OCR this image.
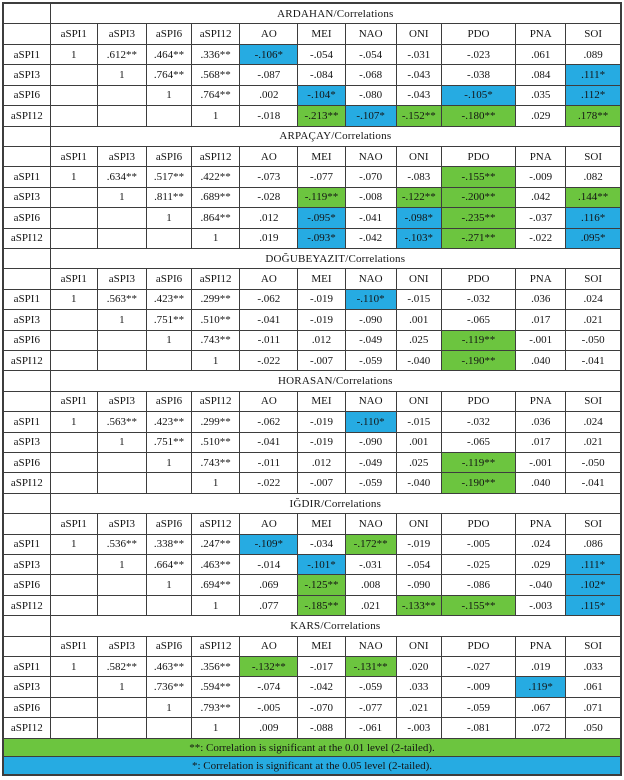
	ARDAHAN/Correlations										
	aSPI1	aSPI3	aSPI6	aSPI12	AO	MEI	NAO	ONI	PDO	PNA	SOI
aSPI1	1	.612**	.464**	.336**	-.106*	-.054	-.054	-.031	-.023	.061	.089
aSPI3		1	.764**	.568**	-.087	-.084	-.068	-.043	-.038	.084	.111*
aSPI6			1	.764**	.002	-.104*	-.080	-.043	-.105*	.035	.112*
aSPI12				1	-.018	-.213**	-.107*	-.152**	-.180**	.029	.178**
	ARPAÇAY/Correlations										
	aSPI1	aSPI3	aSPI6	aSPI12	AO	MEI	NAO	ONI	PDO	PNA	SOI
aSPI1	1	.634**	.517**	.422**	-.073	-.077	-.070	-.083	-.155**	-.009	.082
aSPI3		1	.811**	.689**	-.028	-.119**	-.008	-.122**	-.200**	.042	.144**
aSPI6			1	.864**	.012	-.095*	-.041	-.098*	-.235**	-.037	.116*
aSPI12				1	.019	-.093*	-.042	-.103*	-.271**	-.022	.095*
	DOĞUBEYAZIT/Correlations										
	aSPI1	aSPI3	aSPI6	aSPI12	AO	MEI	NAO	ONI	PDO	PNA	SOI
aSPI1	1	.563**	.423**	.299**	-.062	-.019	-.110*	-.015	-.032	.036	.024
aSPI3		1	.751**	.510**	-.041	-.019	-.090	.001	-.065	.017	.021
aSPI6			1	.743**	-.011	.012	-.049	.025	-.119**	-.001	-.050
aSPI12				1	-.022	-.007	-.059	-.040	-.190**	.040	-.041
	HORASAN/Correlations										
	aSPI1	aSPI3	aSPI6	aSPI12	AO	MEI	NAO	ONI	PDO	PNA	SOI
aSPI1	1	.563**	.423**	.299**	-.062	-.019	-.110*	-.015	-.032	.036	.024
aSPI3		1	.751**	.510**	-.041	-.019	-.090	.001	-.065	.017	.021
aSPI6			1	.743**	-.011	.012	-.049	.025	-.119**	-.001	-.050
aSPI12				1	-.022	-.007	-.059	-.040	-.190**	.040	-.041
	IĞDIR/Correlations										
	aSPI1	aSPI3	aSPI6	aSPI12	AO	MEI	NAO	ONI	PDO	PNA	SOI
aSPI1	1	.536**	.338**	.247**	-.109*	-.034	-.172**	-.019	-.005	.024	.086
aSPI3		1	.664**	.463**	-.014	-.101*	-.031	-.054	-.025	.029	.111*
aSPI6			1	.694**	.069	-.125**	.008	-.090	-.086	-.040	.102*
aSPI12				1	.077	-.185**	.021	-.133**	-.155**	-.003	.115*
	KARS/Correlations										
	aSPI1	aSPI3	aSPI6	aSPI12	AO	MEI	NAO	ONI	PDO	PNA	SOI
aSPI1	1	.582**	.463**	.356**	-.132**	-.017	-.131**	.020	-.027	.019	.033
aSPI3		1	.736**	.594**	-.074	-.042	-.059	.033	-.009	.119*	.061
aSPI6			1	.793**	-.005	-.070	-.077	.021	-.059	.067	.071
aSPI12				1	.009	-.088	-.061	-.003	-.081	.072	.050
**: Correlation is significant at the 0.01 level (2-tailed).											
*: Correlation is significant at the 0.05 level (2-tailed).											
